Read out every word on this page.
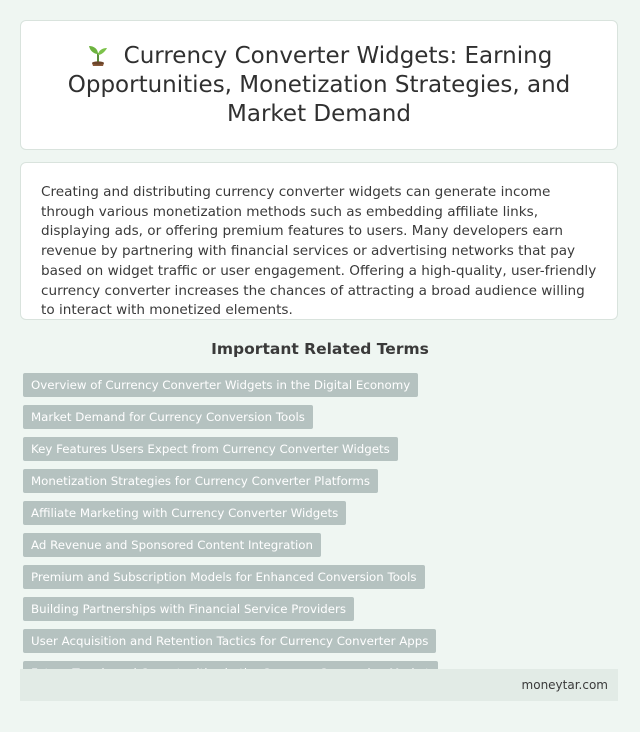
Currency Converter Widgets: Earning Opportunities, Monetization Strategies, and Market Demand

Creating and distributing currency converter widgets can generate income through various monetization methods such as embedding affiliate links, displaying ads, or offering premium features to users. Many developers earn revenue by partnering with financial services or advertising networks that pay based on widget traffic or user engagement. Offering a high-quality, user-friendly currency converter increases the chances of attracting a broad audience willing to interact with monetized elements.

Important Related Terms
Overview of Currency Converter Widgets in the Digital Economy
Market Demand for Currency Conversion Tools
Key Features Users Expect from Currency Converter Widgets
Monetization Strategies for Currency Converter Platforms
Affiliate Marketing with Currency Converter Widgets
Ad Revenue and Sponsored Content Integration
Premium and Subscription Models for Enhanced Conversion Tools
Building Partnerships with Financial Service Providers
User Acquisition and Retention Tactics for Currency Converter Apps
moneytar.com
